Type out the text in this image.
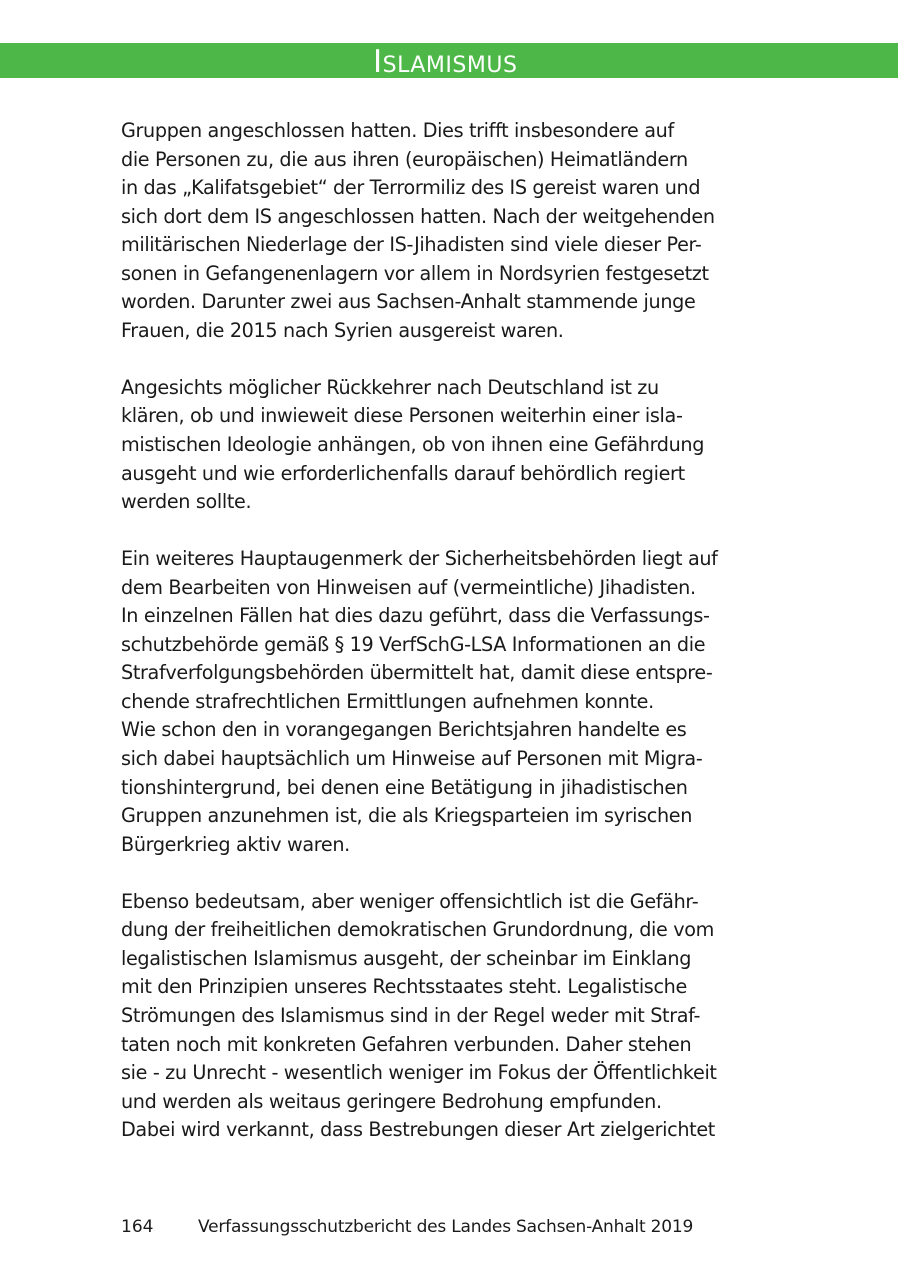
Islamismus
Gruppen angeschlossen hatten. Dies trifft insbesondere auf
die Personen zu, die aus ihren (europäischen) Heimatländern
in das „Kalifatsgebiet“ der Terrormiliz des IS gereist waren und
sich dort dem IS angeschlossen hatten. Nach der weitgehenden
militärischen Niederlage der IS-Jihadisten sind viele dieser Per-
sonen in Gefangenenlagern vor allem in Nordsyrien festgesetzt
worden. Darunter zwei aus Sachsen-Anhalt stammende junge
Frauen, die 2015 nach Syrien ausgereist waren.
Angesichts möglicher Rückkehrer nach Deutschland ist zu
klären, ob und inwieweit diese Personen weiterhin einer isla-
mistischen Ideologie anhängen, ob von ihnen eine Gefährdung
ausgeht und wie erforderlichenfalls darauf behördlich regiert
werden sollte.
Ein weiteres Hauptaugenmerk der Sicherheitsbehörden liegt auf
dem Bearbeiten von Hinweisen auf (vermeintliche) Jihadisten.
In einzelnen Fällen hat dies dazu geführt, dass die Verfassungs-
schutzbehörde gemäß § 19 VerfSchG-LSA Informationen an die
Strafverfolgungsbehörden übermittelt hat, damit diese entspre-
chende strafrechtlichen Ermittlungen aufnehmen konnte.
Wie schon den in vorangegangen Berichtsjahren handelte es
sich dabei hauptsächlich um Hinweise auf Personen mit Migra-
tionshintergrund, bei denen eine Betätigung in jihadistischen
Gruppen anzunehmen ist, die als Kriegsparteien im syrischen
Bürgerkrieg aktiv waren.
Ebenso bedeutsam, aber weniger offensichtlich ist die Gefähr-
dung der freiheitlichen demokratischen Grundordnung, die vom
legalistischen Islamismus ausgeht, der scheinbar im Einklang
mit den Prinzipien unseres Rechtsstaates steht. Legalistische
Strömungen des Islamismus sind in der Regel weder mit Straf-
taten noch mit konkreten Gefahren verbunden. Daher stehen
sie - zu Unrecht - wesentlich weniger im Fokus der Öffentlichkeit
und werden als weitaus geringere Bedrohung empfunden.
Dabei wird verkannt, dass Bestrebungen dieser Art zielgerichtet
164	Verfassungsschutzbericht des Landes Sachsen-Anhalt 2019
